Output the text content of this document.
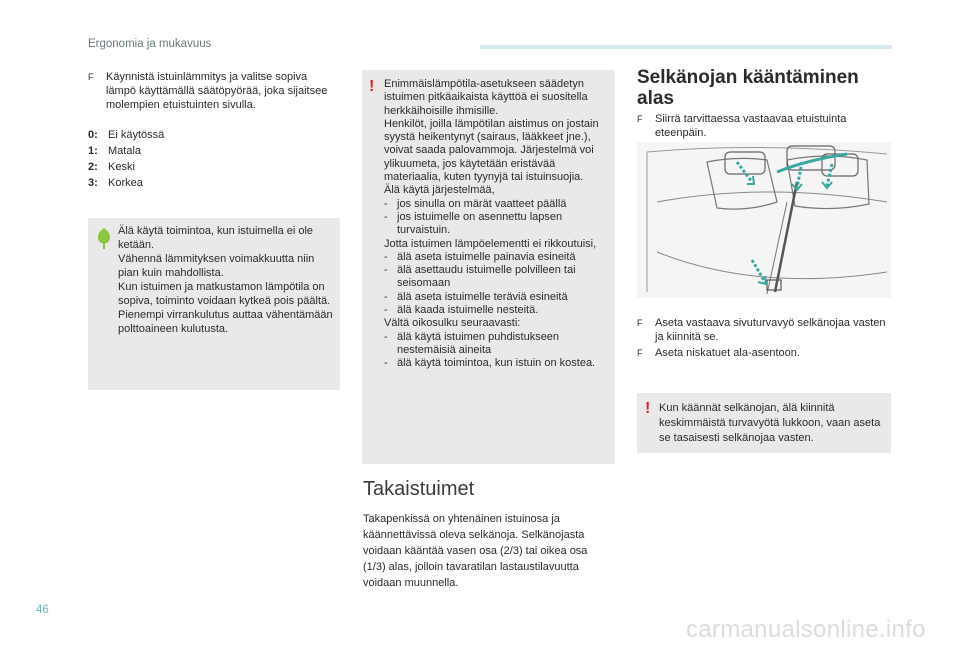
Ergonomia ja mukavuus
F	Käynnistä istuinlämmitys ja valitse sopiva lämpö käyttämällä säätöpyörää, joka sijaitsee molempien etuistuinten sivulla.
0: Ei käytössä
1: Matala
2: Keski
3: Korkea
Älä käytä toimintoa, kun istuimella ei ole ketään.
Vähennä lämmityksen voimakkuutta niin pian kuin mahdollista.
Kun istuimen ja matkustamon lämpötila on sopiva, toiminto voidaan kytkeä pois päältä. Pienempi virrankulutus auttaa vähentämään polttoaineen kulutusta.
! Enimmäislämpötila-asetukseen säädetyn istuimen pitkäaikaista käyttöä ei suositella herkkäihoisille ihmisille.
Henkilöt, joilla lämpötilan aistimus on jostain syystä heikentynyt (sairaus, lääkkeet jne.), voivat saada palovammoja. Järjestelmä voi ylikuumeta, jos käytetään eristävää materiaalia, kuten tyynyjä tai istuinsuojia.
Älä käytä järjestelmää,
- jos sinulla on märät vaatteet päällä
- jos istuimelle on asennettu lapsen turvaistuin.
Jotta istuimen lämpöelementti ei rikkoutuisi,
- älä aseta istuimelle painavia esineitä
- älä asettaudu istuimelle polvilleen tai seisomaan
- älä aseta istuimelle teräviä esineitä
- älä kaada istuimelle nesteitä.
Vältä oikosulku seuraavasti:
- älä käytä istuimen puhdistukseen nestemäisiä aineita
- älä käytä toimintoa, kun istuin on kostea.
Takaistuimet
Takapenkissä on yhtenäinen istuinosa ja käännettävissä oleva selkänoja. Selkänojasta voidaan kääntää vasen osa (2/3) tai oikea osa (1/3) alas, jolloin tavaratilan lastaustilavuutta voidaan muunnella.
Selkänojan kääntäminen alas
F	Siirrä tarvittaessa vastaavaa etuistuinta eteenpäin.
F	Aseta vastaava sivuturvavyö selkänojaa vasten ja kiinnitä se.
F	Aseta niskatuet ala-asentoon.
! Kun käännät selkänojan, älä kiinnitä keskimmäistä turvavyötä lukkoon, vaan aseta se tasaisesti selkänojaa vasten.
46
carmanualsonline.info
